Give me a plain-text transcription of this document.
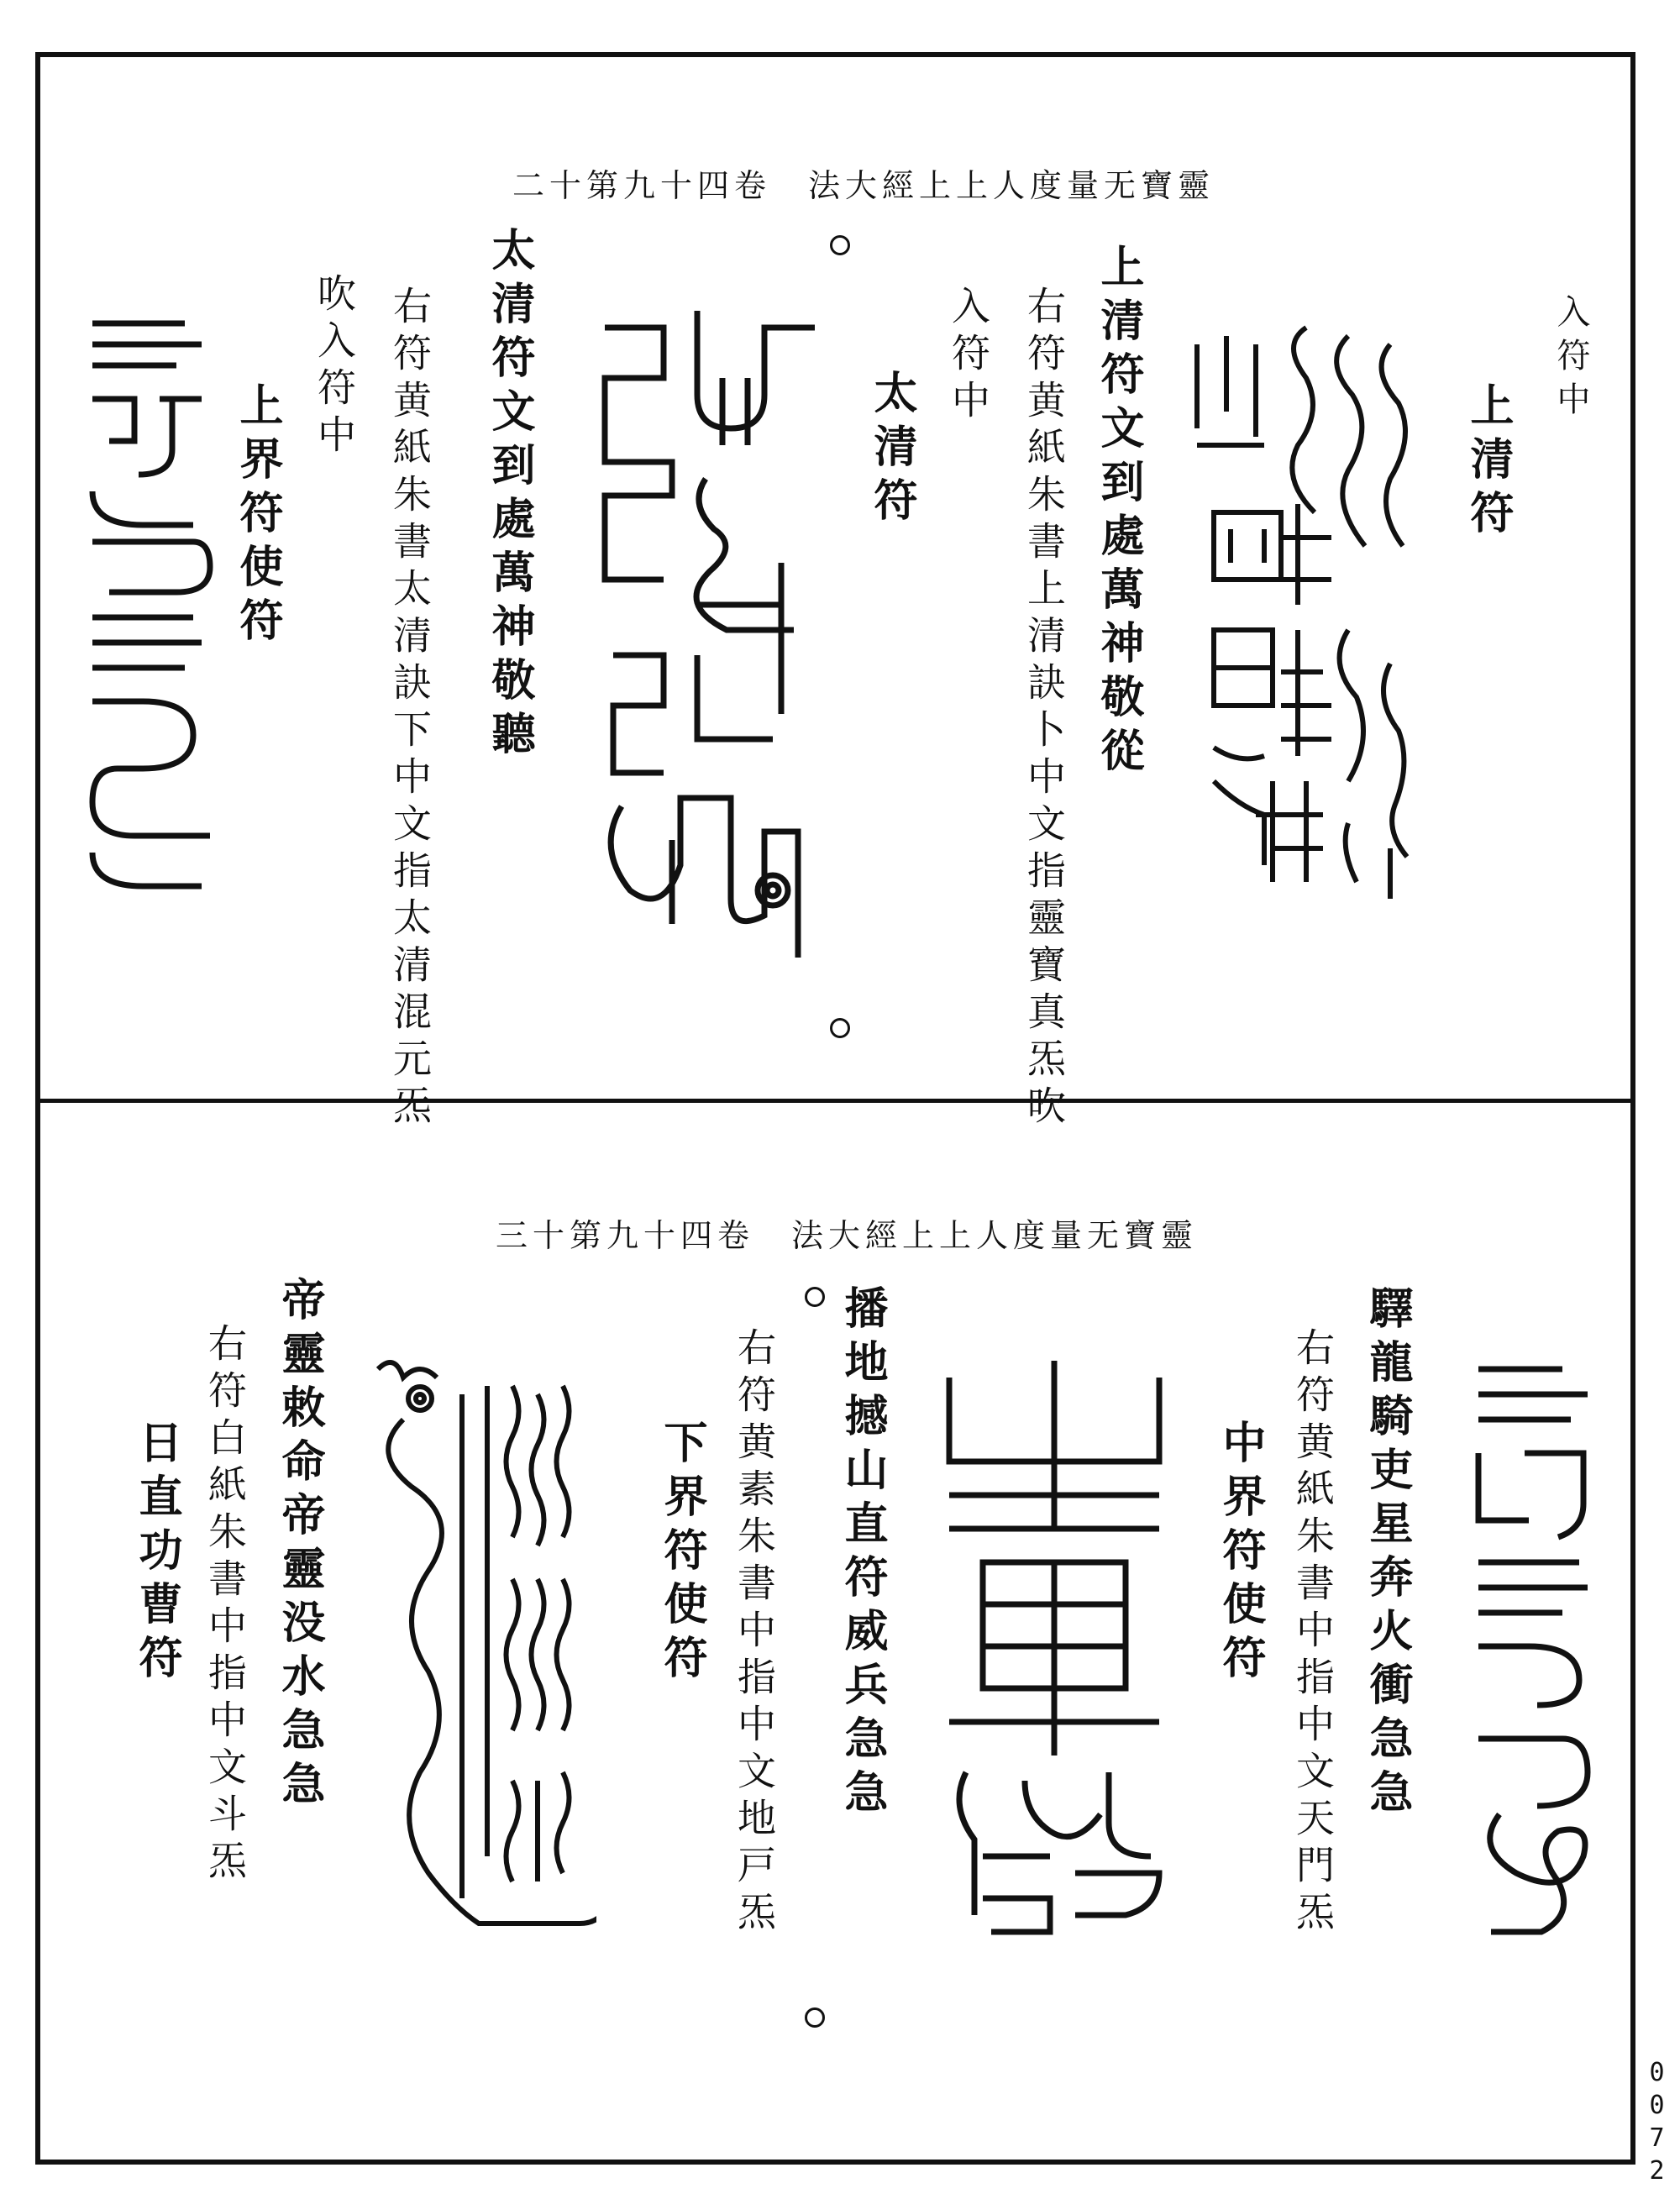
二十第九十四卷　法大經上上人度量无寶靈
入符中
上清符
上清符文到處萬神敬從
右符黄紙朱書上清訣卜中文指靈寶真炁吹
入符中
太清符
太清符文到處萬神敬聽
右符黄紙朱書太清訣下中文指太清混元炁
吹入符中
上界符使符
三十第九十四卷　法大經上上人度量无寶靈
驛龍騎吏星奔火衝急急
右符黄紙朱書中指中文天門炁
中界符使符
播地撼山直符威兵急急
右符黄素朱書中指中文地戸炁
下界符使符
帝靈敕命帝靈没水急急
右符白紙朱書中指中文斗炁
日直功曹符
0072
